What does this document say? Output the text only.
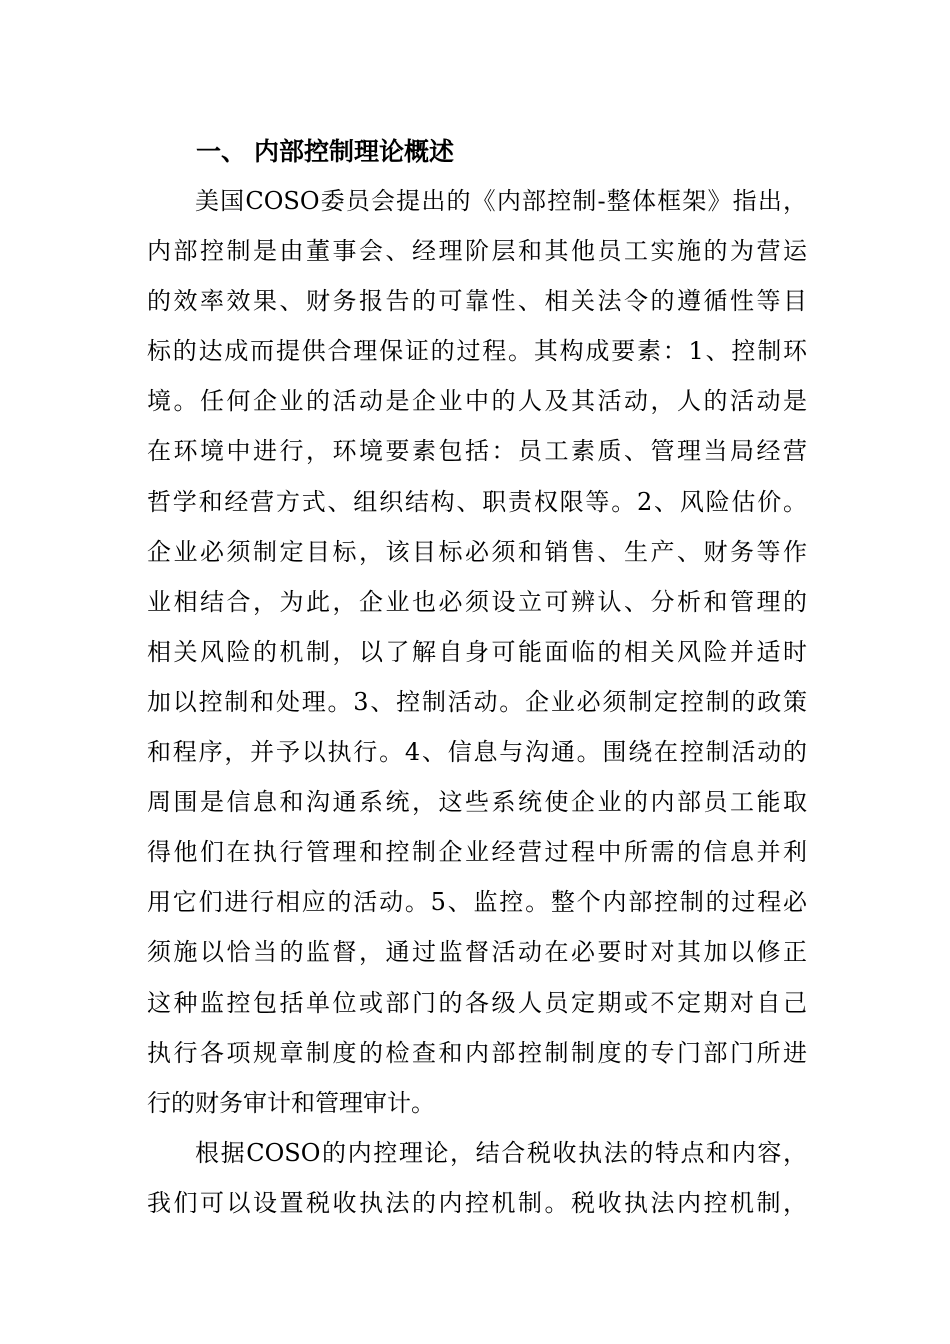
一、 内部控制理论概述
美国COSO委员会提出的《内部控制-整体框架》指出，
内部控制是由董事会、经理阶层和其他员工实施的为营运
的效率效果、财务报告的可靠性、相关法令的遵循性等目
标的达成而提供合理保证的过程。其构成要素：1、控制环
境。任何企业的活动是企业中的人及其活动，人的活动是
在环境中进行，环境要素包括：员工素质、管理当局经营
哲学和经营方式、组织结构、职责权限等。2、风险估价。
企业必须制定目标，该目标必须和销售、生产、财务等作
业相结合，为此，企业也必须设立可辨认、分析和管理的
相关风险的机制，以了解自身可能面临的相关风险并适时
加以控制和处理。3、控制活动。企业必须制定控制的政策
和程序，并予以执行。4、信息与沟通。围绕在控制活动的
周围是信息和沟通系统，这些系统使企业的内部员工能取
得他们在执行管理和控制企业经营过程中所需的信息并利
用它们进行相应的活动。5、监控。整个内部控制的过程必
须施以恰当的监督，通过监督活动在必要时对其加以修正
这种监控包括单位或部门的各级人员定期或不定期对自己
执行各项规章制度的检查和内部控制制度的专门部门所进
行的财务审计和管理审计。
根据COSO的内控理论，结合税收执法的特点和内容，
我们可以设置税收执法的内控机制。税收执法内控机制，
